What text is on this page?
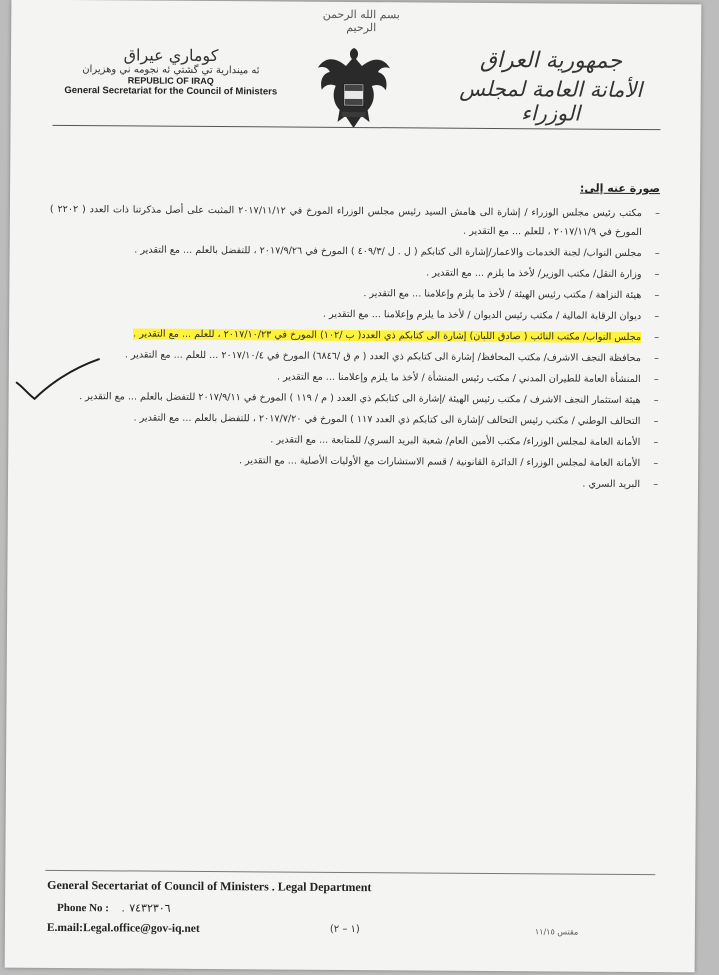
بسم الله الرحمن الرحيم
كوماري عيراق
ئه ميندارية تي گشتي ئه نجومه ني وهزيران
REPUBLIC OF IRAQ
General Secretariat for the Council of Ministers
جمهورية العراق
الأمانة العامة لمجلس الوزراء
صورة عنه إلى:
–
مكتب رئيس مجلس الوزراء / إشارة الى هامش السيد رئيس مجلس الوزراء المورخ في ٢٠١٧/١١/١٢ المثبت على أصل مذكرتنا ذات العدد ( ٢٢٠٢ ) المورخ في ٢٠١٧/١١/٩ ، للعلم ... مع التقدير .
–
مجلس النواب/ لجنة الخدمات والاعمار/إشارة الى كتابكم ( ل . ل /٤٠٩/٣ ) المورخ في ٢٠١٧/٩/٢٦ ، للتفضل بالعلم ... مع التقدير .
–
وزارة النقل/ مكتب الوزير/ لأخذ ما يلزم ... مع التقدير .
–
هيئة النزاهة / مكتب رئيس الهيئة / لأخذ ما يلزم وإعلامنا ... مع التقدير .
–
ديوان الرقابة المالية / مكتب رئيس الديوان / لأخذ ما يلزم وإعلامنا ... مع التقدير .
–
مجلس النواب/ مكتب النائب ( صادق اللبان) إشارة الى كتابكم ذي العدد( ب /١٠٢) المورخ في ٢٠١٧/١٠/٢٣ ، للعلم ... مع التقدير .
–
محافظة النجف الاشرف/ مكتب المحافظ/ إشارة الى كتابكم ذي العدد ( م ق /٦٨٤٦) المورخ في ٢٠١٧/١٠/٤ ... للعلم ... مع التقدير .
–
المنشأة العامة للطيران المدني / مكتب رئيس المنشأة / لأخذ ما يلزم وإعلامنا ... مع التقدير .
–
هيئة استثمار النجف الاشرف / مكتب رئيس الهيئة /إشارة الى كتابكم ذي العدد ( م / ١١٩ ) المورخ في ٢٠١٧/٩/١١ للتفضل بالعلم ... مع التقدير .
–
التحالف الوطني / مكتب رئيس التحالف /إشارة الى كتابكم ذي العدد ١١٧ ) المورخ في ٢٠١٧/٧/٢٠ ، للتفضل بالعلم ... مع التقدير .
–
الأمانة العامة لمجلس الوزراء/ مكتب الأمين العام/ شعبة البريد السري/ للمتابعة ... مع التقدير .
–
الأمانة العامة لمجلس الوزراء / الدائرة القانونية / قسم الاستشارات مع الأوليات الأصلية ... مع التقدير .
–
البريد السري .
General Secertariat of Council of Ministers . Legal Department
Phone No : . ٧٤٣٢٣٠٦
E.mail:Legal.office@gov-iq.net	(١ – ٢)	مقتس ١١/١٥
